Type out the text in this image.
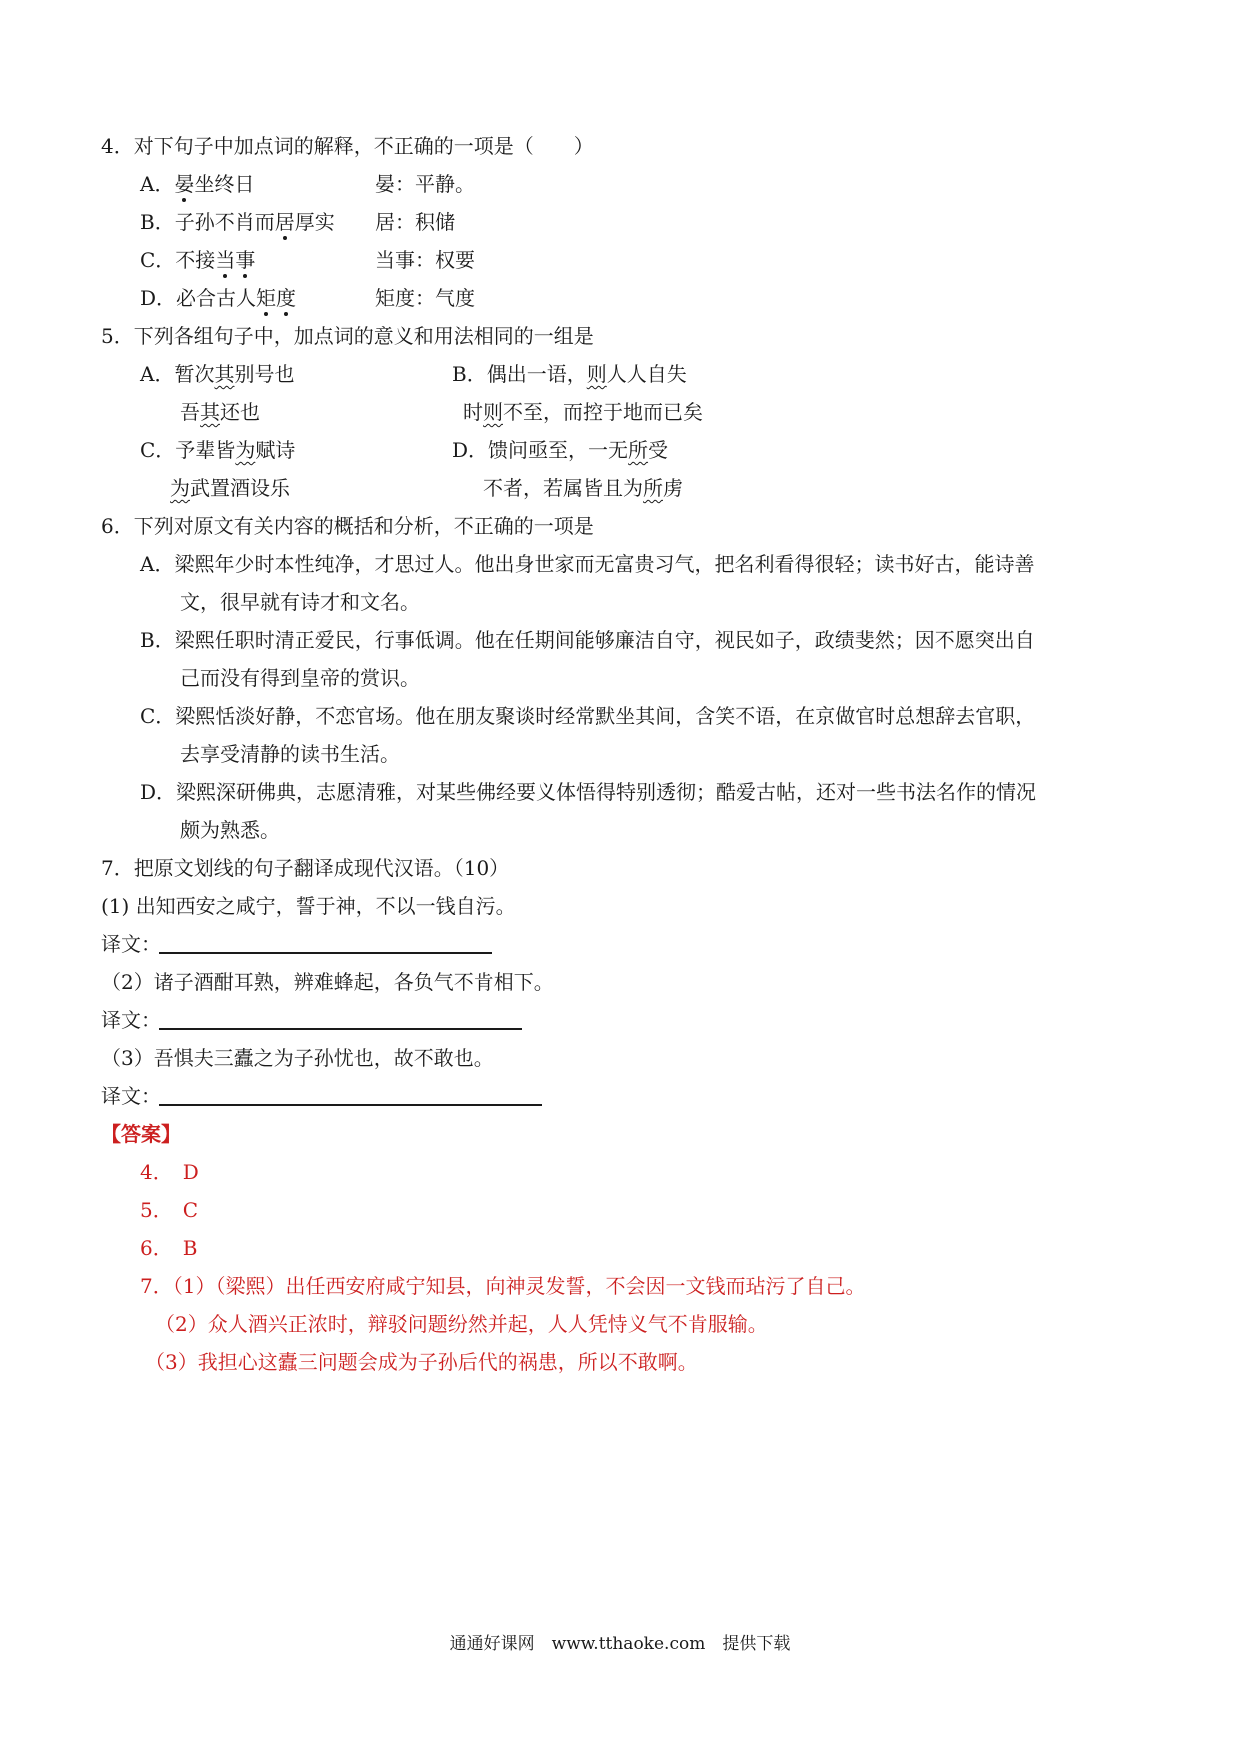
4．对下句子中加点词的解释，不正确的一项是（　　）
A．晏坐终日	晏：平静。
B．子孙不肖而居厚实 居：积储
C．不接当事	当事：权要
D．必合古人矩度	矩度：气度
5．下列各组句子中，加点词的意义和用法相同的一组是
A．暂次其别号也	B．偶出一语，则人人自失
吾其还也	时则不至，而控于地而已矣
C．予辈皆为赋诗	D．馈问亟至，一无所受
为武置酒设乐	不者，若属皆且为所虏
6．下列对原文有关内容的概括和分析，不正确的一项是
A．梁熙年少时本性纯净，才思过人。他出身世家而无富贵习气，把名利看得很轻；读书好古，能诗善
文，很早就有诗才和文名。
B．梁熙任职时清正爱民，行事低调。他在任期间能够廉洁自守，视民如子，政绩斐然；因不愿突出自
己而没有得到皇帝的赏识。
C．梁熙恬淡好静，不恋官场。他在朋友聚谈时经常默坐其间，含笑不语，在京做官时总想辞去官职，
去享受清静的读书生活。
D．梁熙深研佛典，志愿清雅，对某些佛经要义体悟得特别透彻；酷爱古帖，还对一些书法名作的情况
颇为熟悉。
7．把原文划线的句子翻译成现代汉语。（10）
(1) 出知西安之咸宁，誓于神，不以一钱自污。
译文：
（2）诸子酒酣耳熟，辨难蜂起，各负气不肯相下。
译文：
（3）吾惧夫三蠹之为子孙忧也，故不敢也。
译文：
【答案】
4．　D
5．　C
6．　B
7．（1）（梁熙）出任西安府咸宁知县，向神灵发誓，不会因一文钱而玷污了自己。
（2）众人酒兴正浓时，辩驳问题纷然并起，人人凭恃义气不肯服输。
（3）我担心这蠹三问题会成为子孙后代的祸患，所以不敢啊。
通通好课网　www.tthaoke.com　提供下载
